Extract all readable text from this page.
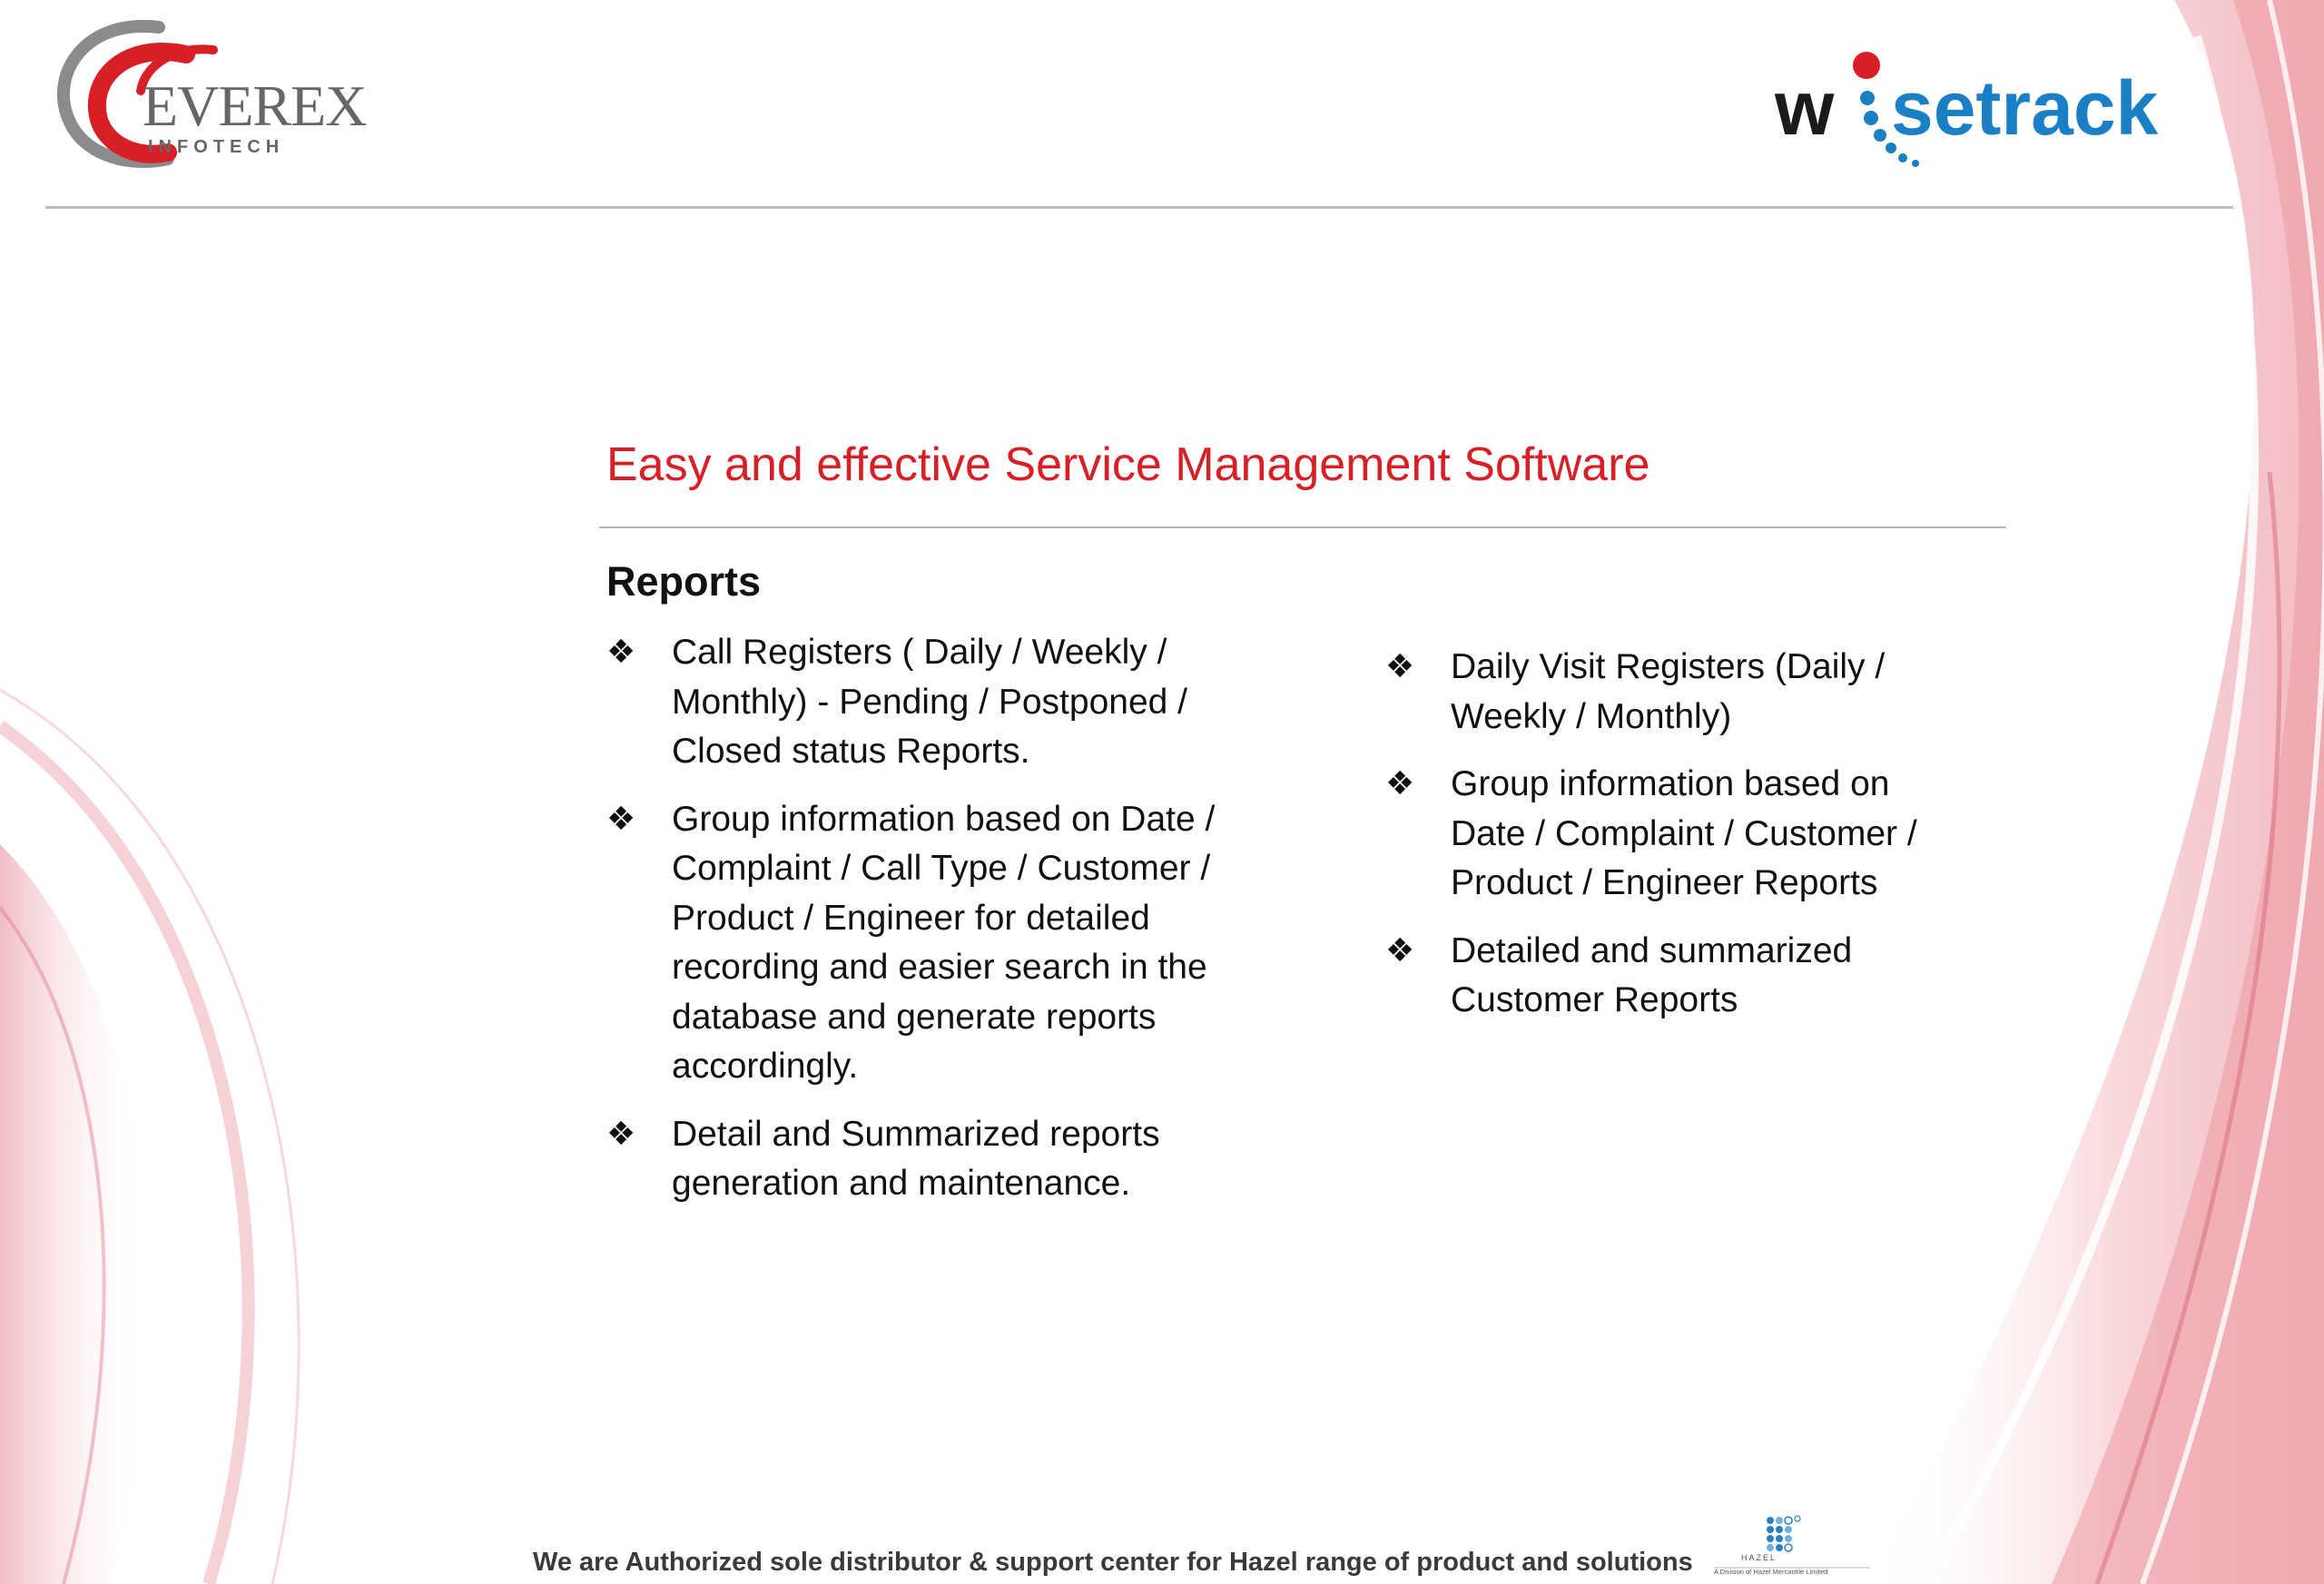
EVEREX
INFOTECH	w setrack
Easy and effective Service Management Software
Reports
❖	Call Registers ( Daily / Weekly /
Monthly) - Pending / Postponed /
Closed status Reports.
❖	Group information based on Date /
Complaint / Call Type / Customer /
Product / Engineer for detailed
recording and easier search in the
database and generate reports
accordingly.
❖	Detail and Summarized reports
generation and maintenance.
❖	Daily Visit Registers (Daily /
Weekly / Monthly)
❖	Group information based on
Date / Complaint / Customer /
Product / Engineer Reports
❖	Detailed and summarized
Customer Reports
We are Authorized sole distributor & support center for Hazel range of product and solutions	HAZEL
A Division of Hazel Mercantile Limited
